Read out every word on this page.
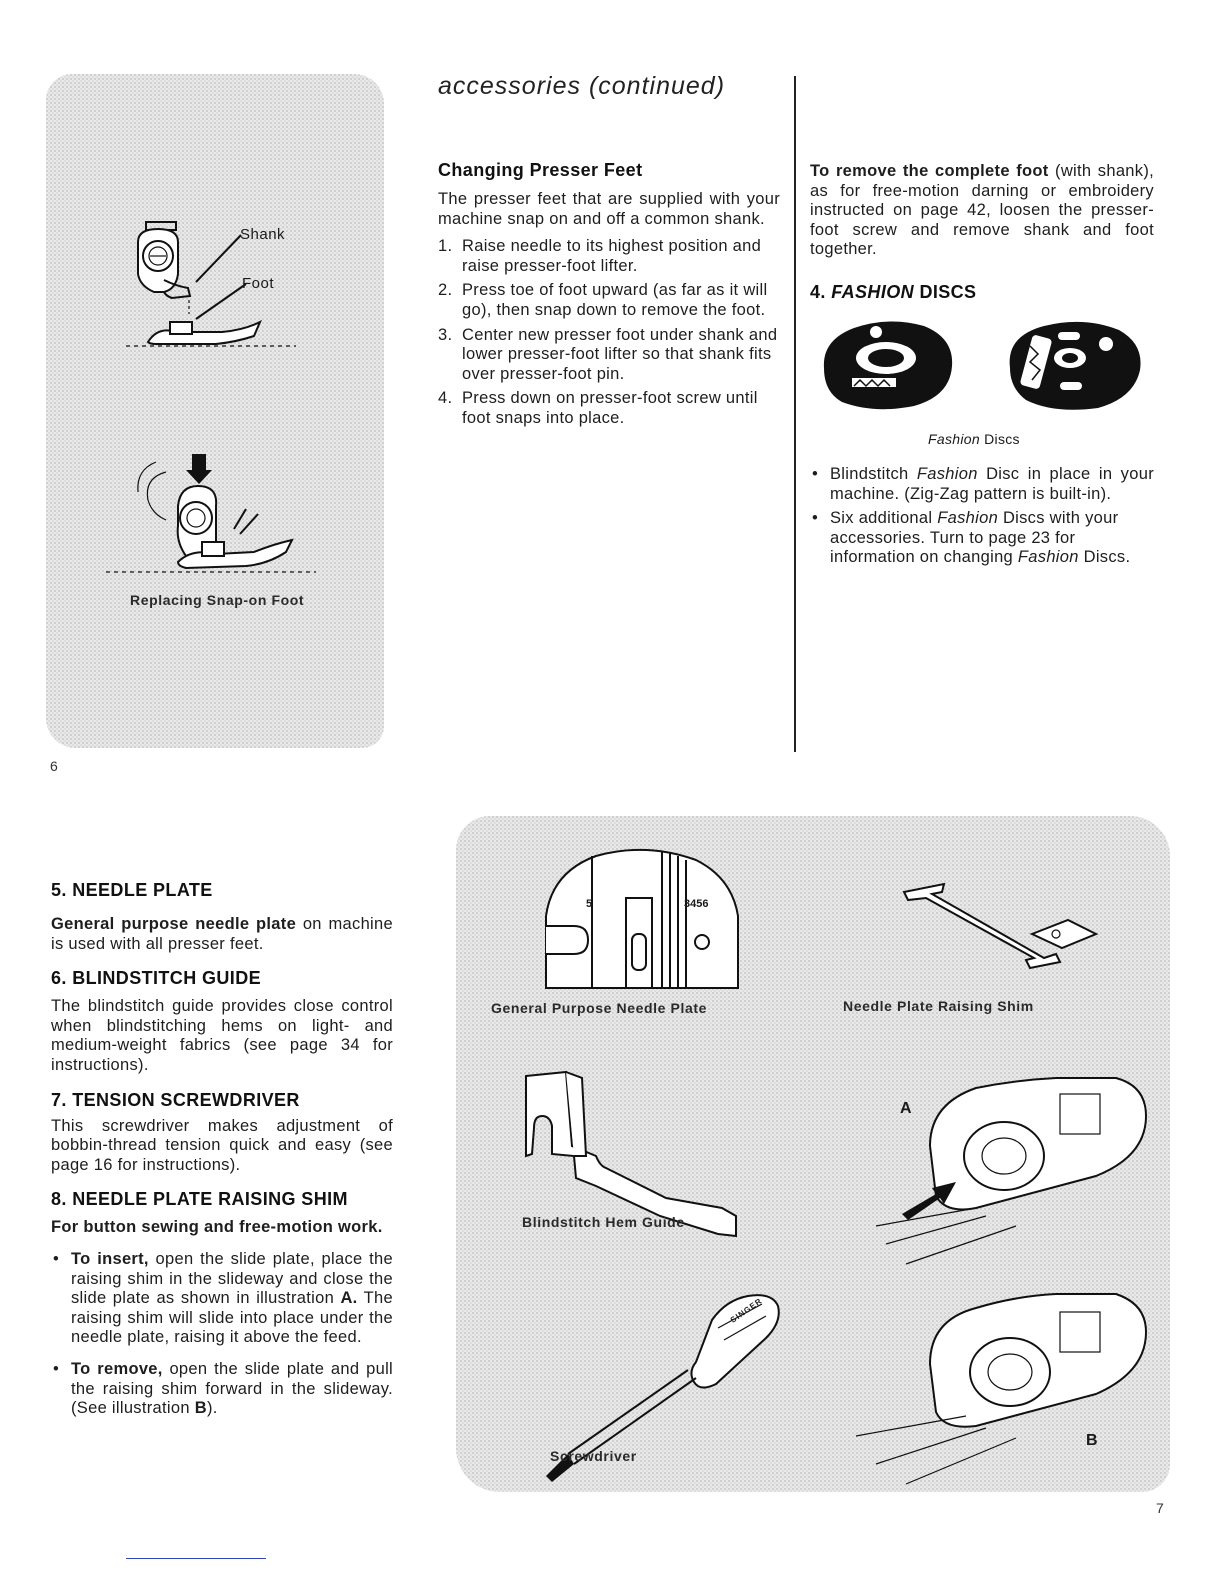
Shank
Foot
Replacing Snap-on Foot
accessories (continued)
Changing Presser Feet

The presser feet that are supplied with your machine snap on and off a common shank.

1. Raise needle to its highest position and raise presser-foot lifter.
2. Press toe of foot upward (as far as it will go), then snap down to remove the foot.
3. Center new presser foot under shank and lower presser-foot lifter so that shank fits over presser-foot pin.
4. Press down on presser-foot screw until foot snaps into place.

To remove the complete foot (with shank), as for free-motion darning or embroidery instructed on page 42, loosen the presser-foot screw and remove shank and foot together.

4. FASHION DISCS
Fashion Discs
• Blindstitch Fashion Disc in place in your machine. (Zig-Zag pattern is built-in).
• Six additional Fashion Discs with your accessories. Turn to page 23 for information on changing Fashion Discs.
6
5. NEEDLE PLATE

General purpose needle plate on machine is used with all presser feet.

6. BLINDSTITCH GUIDE

The blindstitch guide provides close control when blindstitching hems on light- and medium-weight fabrics (see page 34 for instructions).

7. TENSION SCREWDRIVER

This screwdriver makes adjustment of bobbin-thread tension quick and easy (see page 16 for instructions).

8. NEEDLE PLATE RAISING SHIM

For button sewing and free-motion work.

• To insert, open the slide plate, place the raising shim in the slideway and close the slide plate as shown in illustration A. The raising shim will slide into place under the needle plate, raising it above the feed.
• To remove, open the slide plate and pull the raising shim forward in the slideway. (See illustration B).
5	3456
General Purpose Needle Plate	Needle Plate Raising Shim
Blindstitch Hem Guide
Screwdriver
SINGER
A
B
7
